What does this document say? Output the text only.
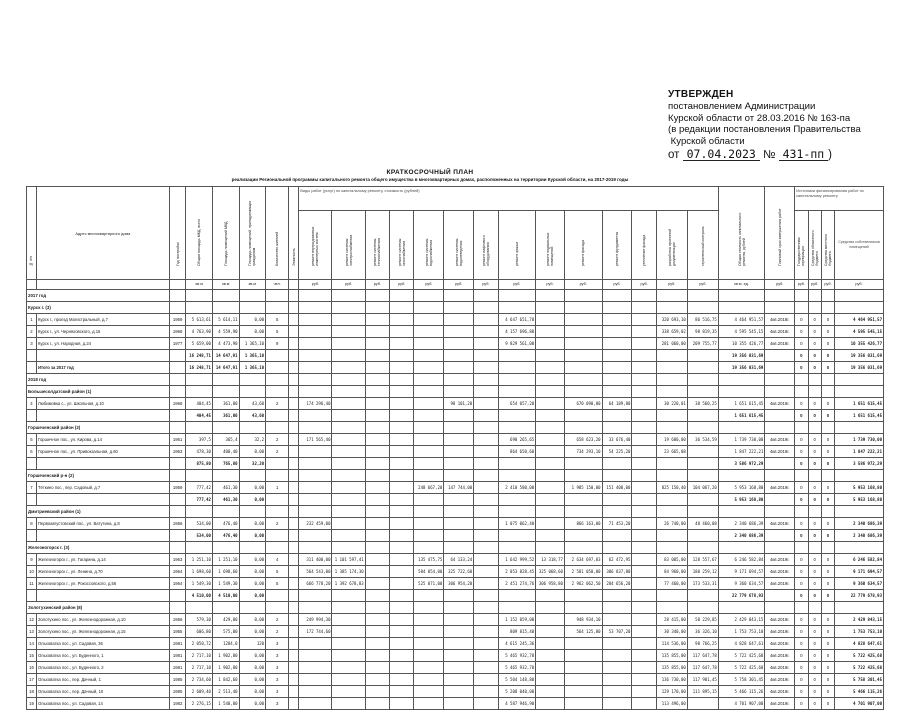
УТВЕРЖДЕН
постановлением Администрации
Курской области от 28.03.2016 № 163-па
(в редакции постановления Правительства
Курской области
от 07.04.2023 № 431-пп )
КРАТКОСРОЧНЫЙ ПЛАН
реализации Региональной программы капитального ремонта общего имущества в многоквартирных домах, расположенных на территории Курской области, на 2017-2019 годы
№ п/п	Адрес многоквартирного дома	Год постройки	Общая площадь МКД, всего	Площадь помещений МКД	Площадь помещений, принадлежащих гражданам	Количество жителей	Этажность	Виды работ (услуг) по капитальному ремонту, стоимость (рублей)														Общая стоимость капитального ремонта, рублей	Плановый срок завершения работ	Источники финансирования работ по капитальному ремонту			

								ремонт внутридомовых инженерных систем	ремонт системы электроснабжения	ремонт системы теплоснабжения	ремонт системы газоснабжения	ремонт системы водоснабжения	ремонт системы водоотведения	ремонт лифтового оборудования	ремонт крыши	ремонт подвальных помещений	ремонт фасада	ремонт фундамента	утепление фасада	разработка проектной документации	строительный контроль			Государственная корпорация	Средства областного бюджета	Средства местного бюджета	$^{Средства собственников помещений}$
			кв.м	кв.м	кв.м	чел.		руб.	руб.	руб.	руб.	руб.	руб.	руб.	руб.	руб.	руб.	руб.	руб.	руб.	руб.	кв.м. ед.	руб.	руб.	руб.	руб.	руб.
2017 год																											
Курск г. (3)																											
1	Курск г., проезд Магистральный, д.7	1969	5 613,61	5 614,11	0,00	5									4 647 651,70					320 693,10	86 516,75	4 464 951,57	4кв.2018г.	0	0	0	4 464 951,57
2	Курск г., ул. Черняховского, д.15	1968	4 763,90	4 559,90	0,00	5									4 157 696,80					338 659,02	98 819,35	4 595 545,15	4кв.2018г.	0	0	0	4 595 545,15
3	Курск г., ул. Народная, д.24	1977	5 659,00	4 473,90	1 365,10	9									9 829 561,00					281 060,00	209 755,77	10 355 426,77	4кв.2018г.	0	0	0	10 355 426,77
			16 248,71	14 647,91	1 365,10																	19 356 031,69		0	0	0	19 356 031,69
	Итого за 2017 год		16 248,71	14 647,91	1 365,10																	19 356 031,69		0	0	0	19 356 031,69
2018 год																											
Большесолдатский район (1)																											
4	Любимовка с., ул. Школьная, д.10	1968	404,45	361,00	43,60	2		174 296,40					98 101,20		654 057,20		670 090,80	64 189,80		30 220,01	38 560,25	1 651 615,45	4кв.2019г.	0	0	0	1 651 615,45
			404,45	361,00	43,60																	1 651 615,45		0	0	0	1 651 615,45
Горшеченский район (2)																											
5	Горшечное пос., ул. Кирова, д.14	1961	397,5	365,4	32,2	2		171 565,40							690 265,65		658 623,20	33 676,40		19 680,00	36 534,59	1 739 730,00	4кв.2019г.	0	0	0	1 739 730,00
6	Горшечное пос., ул. Привокзальная, д.60	1963	478,30	400,40	0,00	2									864 650,60		734 293,10	54 225,20		23 665,08		1 847 222,21	4кв.2019г.	0	0	0	1 847 222,21
			875,80	765,80	32,20																	3 586 972,29		0	0	0	3 586 972,29
Горшеченский р-н (2)																											
7	Тёткино пос., пер. Садовый, д.7	1959	777,42	461,30	0,00	1						248 667,20	147 744,00		2 410 580,00		1 985 150,00	151 400,00		825 150,40	104 067,20	5 953 168,80	4кв.2019г.	0	0	0	5 953 168,80
			777,42	461,30	0,00																	5 953 168,80		0	0	0	5 953 168,80
Дмитриевский район (1)																											
8	Первоавгустовский пос., ул. Ватутина, д.8	1956	534,00	476,40	0,00	2		232 459,00							1 075 062,40		866 163,00	71 453,20		26 740,00	48 460,08	2 340 686,39	4кв.2019г.	0	0	0	2 340 686,39
			534,00	476,40	0,00																	2 340 686,39		0	0	0	2 340 686,39
Железногорск г. (3)																											
9	Железногорск г., ул. Гагарина, д.14	1963	1 251,10	1 251,10	0,00	4		311 400,00	1 101 597,41			135 475,75	64 133,24		1 642 999,52	13 318,77	2 634 697,83	62 472,95		83 005,00	128 557,67	6 246 582,84	4кв.2019г.	0	0	0	6 246 582,84
10	Железногорск г., ул. Ленина, д.70	1964	1 698,60	1 698,60	0,00	5		564 543,00	1 385 174,30			584 054,00	325 722,60		2 053 828,45	325 068,60	2 581 050,00	306 837,80		84 960,00	180 259,12	9 171 694,57	4кв.2019г.	0	0	0	9 171 694,57
11	Железногорск г., ул. Рокоссовского, д.56	1964	1 549,30	1 549,30	0,00	5		666 778,20	1 392 678,83			525 071,00	306 954,20		2 451 274,76	306 958,80	2 962 062,50	284 656,20		77 460,00	173 533,31	9 360 634,57	4кв.2019г.	0	0	0	9 360 634,57
			4 510,00	4 510,00	0,00																	22 779 678,93		0	0	0	22 779 678,93
Золотухинский район (8)																											
12	Золотухино пос., ул. Железнодорожная, д.10	1956	579,30	429,00	0,00	2		249 994,30							1 152 059,00		948 934,10			28 415,00	50 229,85	2 429 843,15	4кв.2019г.	0	0	0	2 429 843,15
13	Золотухино пос., ул. Железнодорожная, д.15	1955	606,80	575,00	0,00	2		172 744,60							809 815,40		564 125,80	53 707,20		30 340,00	36 326,10	1 753 753,10	4кв.2019г.	0	0	0	1 753 753,10
14	Ольховатка пос., ул. Садовая, 36	1981	2 050,72	1284,0	120	3									4 615 245,36					114 536,00	98 766,25	4 828 647,61	4кв.2019г.	0	0	0	4 828 647,61
15	Ольховатка пос., ул. Буденного, 1	1981	2 717,10	1 902,80	0,00	3									5 465 932,70					135 855,00	117 647,78	5 722 425,68	4кв.2019г.	0	0	0	5 722 425,68
16	Ольховатка пос., ул. Буденного, 2	1981	2 717,10	1 902,80	0,00	3									5 465 932,70					135 855,00	117 647,78	5 722 425,68	4кв.2019г.	0	0	0	5 722 425,68
17	Ольховатка пос., пер. Дачный, 1	1985	2 734,60	1 842,60	0,00	3									5 504 148,80					136 730,00	117 901,45	5 758 301,45	4кв.2019г.	0	0	0	5 758 301,45
18	Ольховатка пос., пер. Дачный, 10	1985	2 609,40	2 513,40	0,00	3									5 208 040,00					129 170,00	111 895,15	5 466 115,26	4кв.2019г.	0	0	0	5 466 115,26
19	Ольховатка пос., ул. Садовая, 14	1982	2 276,15	1 540,00	0,00	3									4 587 946,90					113 496,00		4 701 907,00	4кв.2019г.	0	0	0	4 701 907,00
